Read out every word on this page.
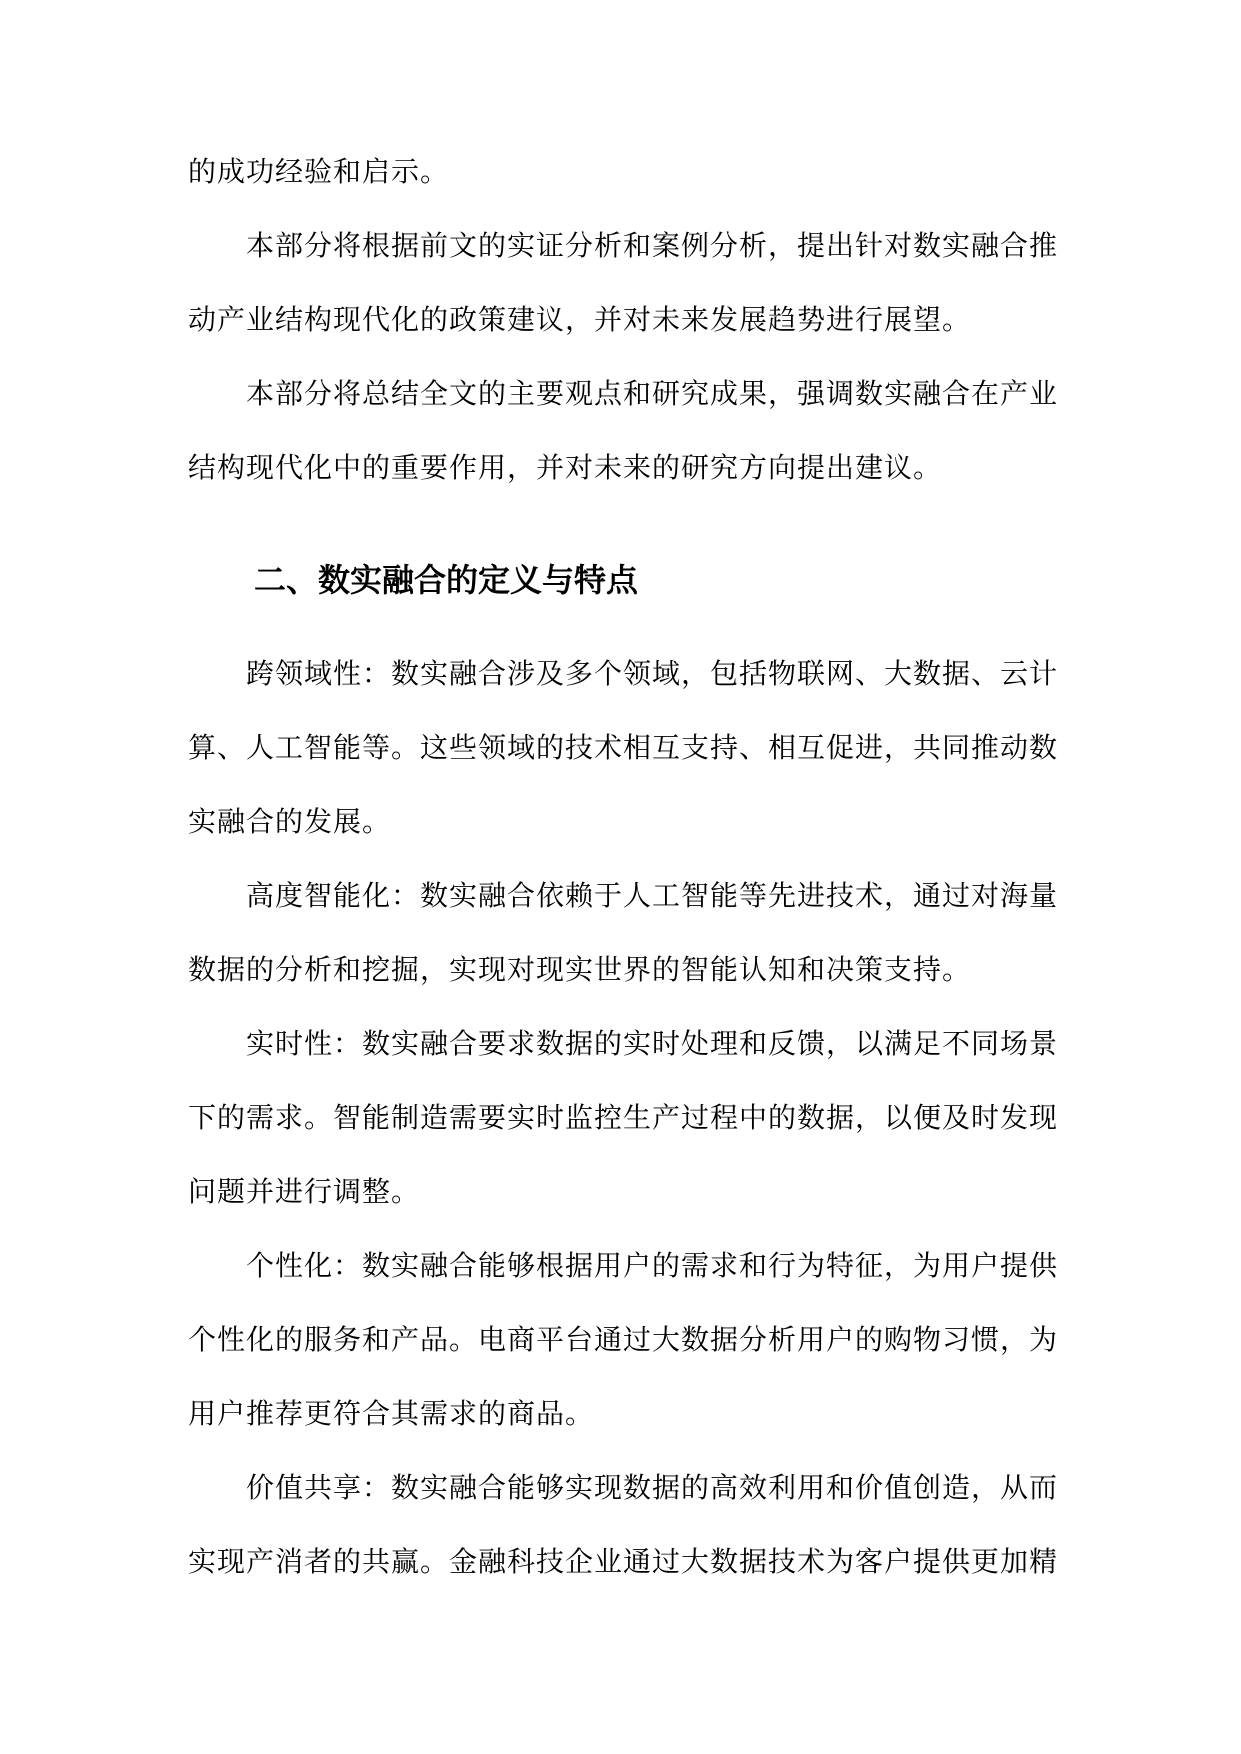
的成功经验和启示。

本部分将根据前文的实证分析和案例分析，提出针对数实融合推动产业结构现代化的政策建议，并对未来发展趋势进行展望。

本部分将总结全文的主要观点和研究成果，强调数实融合在产业结构现代化中的重要作用，并对未来的研究方向提出建议。

二、数实融合的定义与特点

跨领域性：数实融合涉及多个领域，包括物联网、大数据、云计算、人工智能等。这些领域的技术相互支持、相互促进，共同推动数实融合的发展。

高度智能化：数实融合依赖于人工智能等先进技术，通过对海量数据的分析和挖掘，实现对现实世界的智能认知和决策支持。

实时性：数实融合要求数据的实时处理和反馈，以满足不同场景下的需求。智能制造需要实时监控生产过程中的数据，以便及时发现问题并进行调整。

个性化：数实融合能够根据用户的需求和行为特征，为用户提供个性化的服务和产品。电商平台通过大数据分析用户的购物习惯，为用户推荐更符合其需求的商品。

价值共享：数实融合能够实现数据的高效利用和价值创造，从而实现产消者的共赢。金融科技企业通过大数据技术为客户提供更加精
